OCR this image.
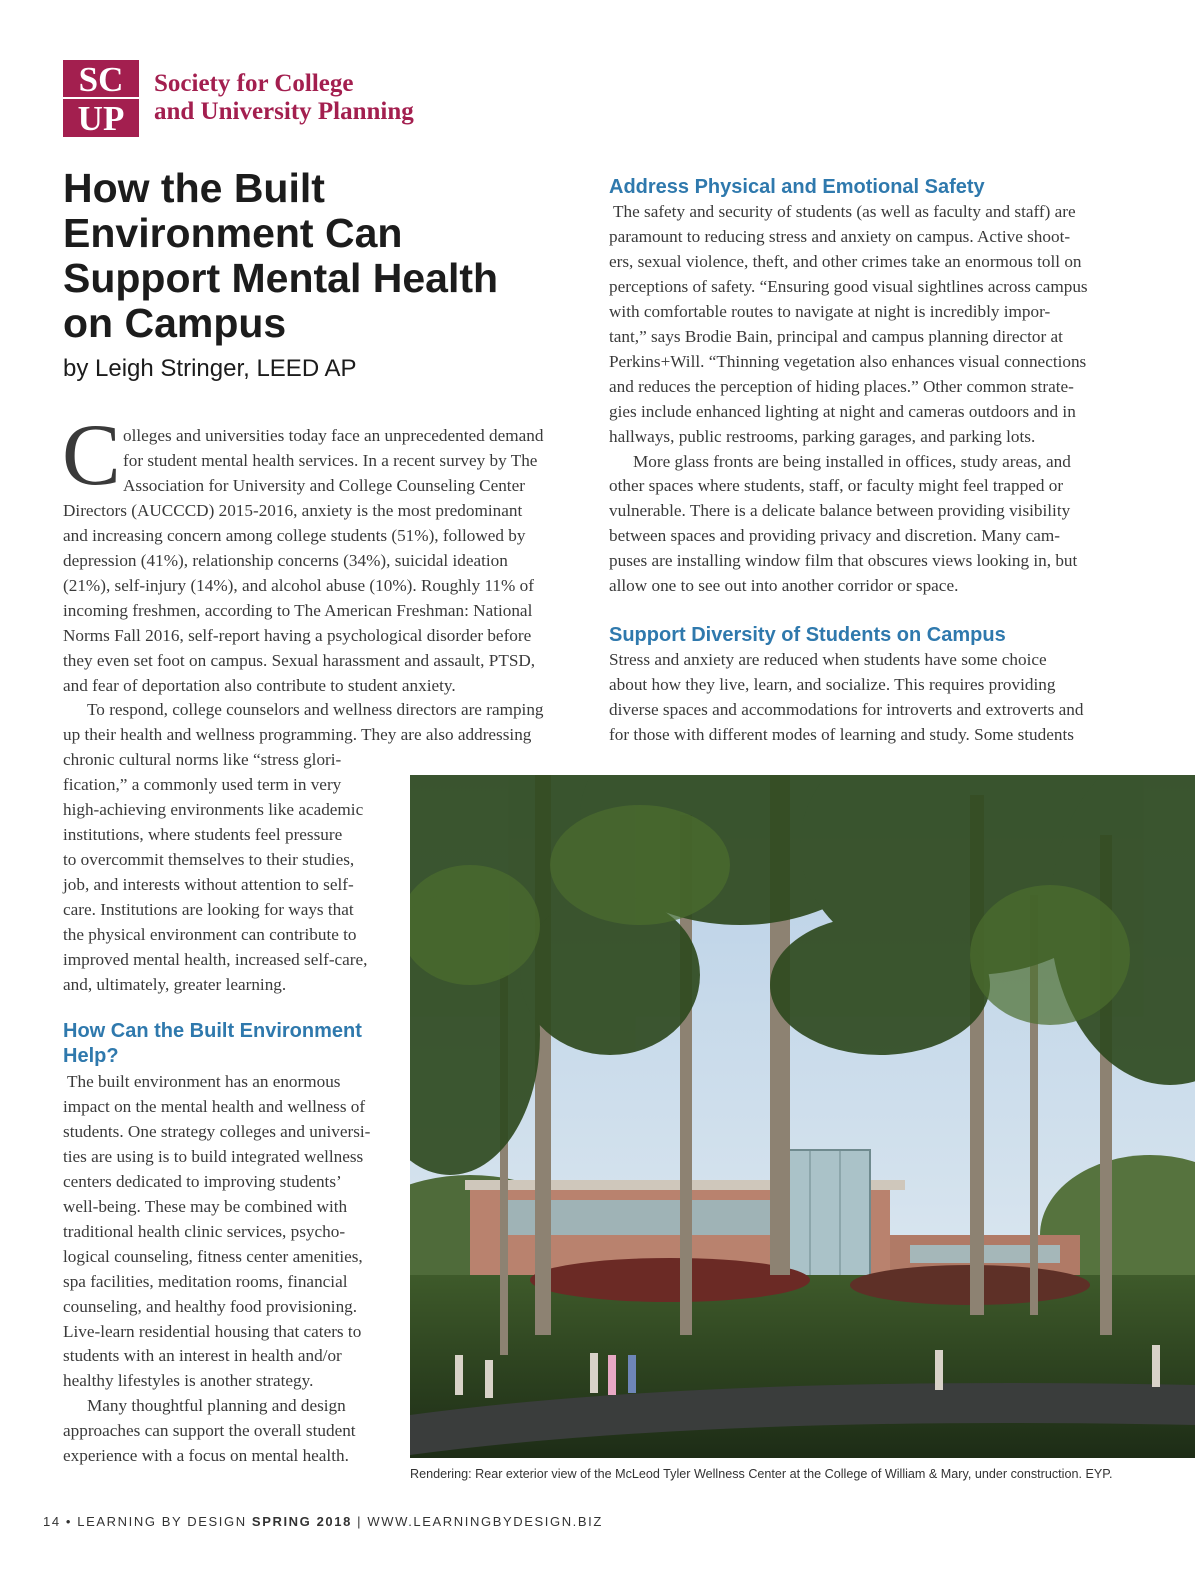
SC
UP
Society for College
and University Planning
How the Built
Environment Can
Support Mental Health
on Campus
by Leigh Stringer, LEED AP
C olleges and universities today face an unprecedented demand
for student mental health services. In a recent survey by The
Association for University and College Counseling Center
Directors (AUCCCD) 2015-2016, anxiety is the most predominant
and increasing concern among college students (51%), followed by
depression (41%), relationship concerns (34%), suicidal ideation
(21%), self-injury (14%), and alcohol abuse (10%). Roughly 11% of
incoming freshmen, according to The American Freshman: National
Norms Fall 2016, self-report having a psychological disorder before
they even set foot on campus. Sexual harassment and assault, PTSD,
and fear of deportation also contribute to student anxiety.
To respond, college counselors and wellness directors are ramping
up their health and wellness programming. They are also addressing
chronic cultural norms like “stress glori-
fication,” a commonly used term in very
high-achieving environments like academic
institutions, where students feel pressure
to overcommit themselves to their studies,
job, and interests without attention to self-
care. Institutions are looking for ways that
the physical environment can contribute to
improved mental health, increased self-care,
and, ultimately, greater learning.
How Can the Built Environment
Help?
The built environment has an enormous
impact on the mental health and wellness of
students. One strategy colleges and universi-
ties are using is to build integrated wellness
centers dedicated to improving students’
well-being. These may be combined with
traditional health clinic services, psycho-
logical counseling, fitness center amenities,
spa facilities, meditation rooms, financial
counseling, and healthy food provisioning.
Live-learn residential housing that caters to
students with an interest in health and/or
healthy lifestyles is another strategy.
Many thoughtful planning and design
approaches can support the overall student
experience with a focus on mental health.
Address Physical and Emotional Safety
The safety and security of students (as well as faculty and staff) are
paramount to reducing stress and anxiety on campus. Active shoot-
ers, sexual violence, theft, and other crimes take an enormous toll on
perceptions of safety. “Ensuring good visual sightlines across campus
with comfortable routes to navigate at night is incredibly impor-
tant,” says Brodie Bain, principal and campus planning director at
Perkins+Will. “Thinning vegetation also enhances visual connections
and reduces the perception of hiding places.” Other common strate-
gies include enhanced lighting at night and cameras outdoors and in
hallways, public restrooms, parking garages, and parking lots.
More glass fronts are being installed in offices, study areas, and
other spaces where students, staff, or faculty might feel trapped or
vulnerable. There is a delicate balance between providing visibility
between spaces and providing privacy and discretion. Many cam-
puses are installing window film that obscures views looking in, but
allow one to see out into another corridor or space.
Support Diversity of Students on Campus
Stress and anxiety are reduced when students have some choice
about how they live, learn, and socialize. This requires providing
diverse spaces and accommodations for introverts and extroverts and
for those with different modes of learning and study. Some students
Rendering: Rear exterior view of the McLeod Tyler Wellness Center at the College of William & Mary, under construction. EYP.
14 • LEARNING BY DESIGN SPRING 2018 | WWW.LEARNINGBYDESIGN.BIZ
